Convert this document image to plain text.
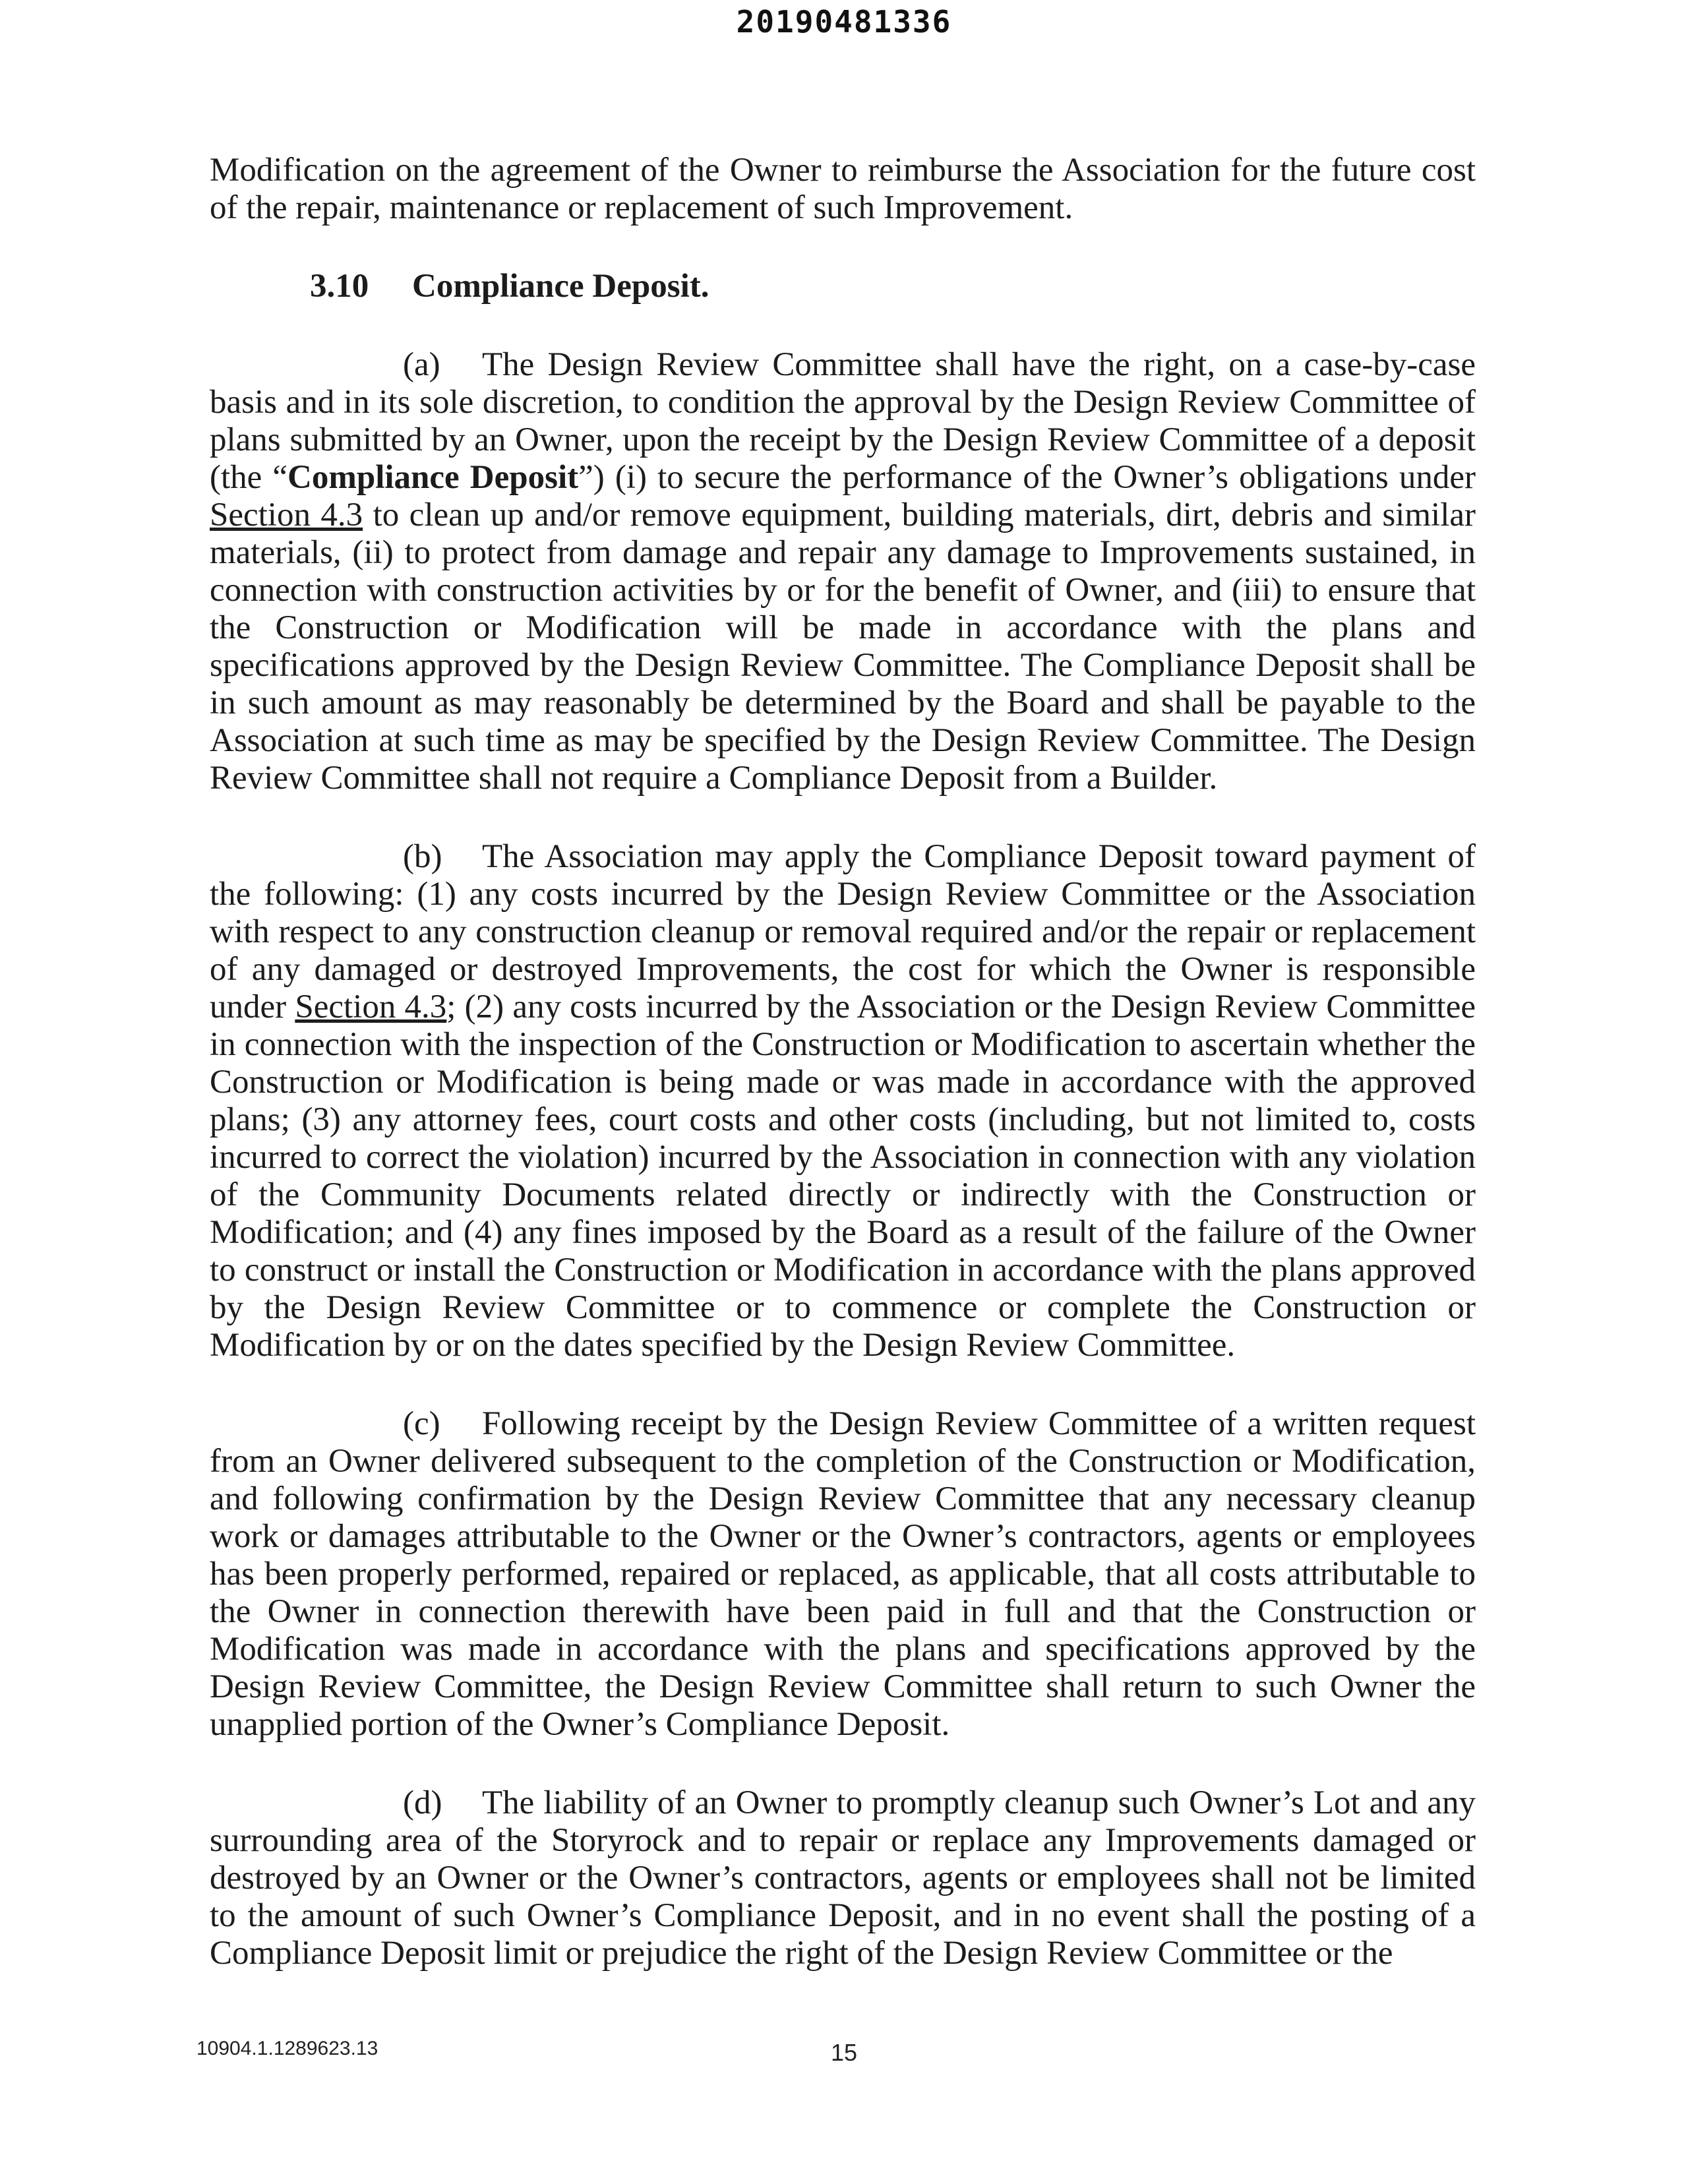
20190481336

Modification on the agreement of the Owner to reimburse the Association for the future cost of the repair, maintenance or replacement of such Improvement.

3.10 Compliance Deposit.

(a) The Design Review Committee shall have the right, on a case-by-case basis and in its sole discretion, to condition the approval by the Design Review Committee of plans submitted by an Owner, upon the receipt by the Design Review Committee of a deposit (the “Compliance Deposit”) (i) to secure the performance of the Owner’s obligations under Section 4.3 to clean up and/or remove equipment, building materials, dirt, debris and similar materials, (ii) to protect from damage and repair any damage to Improvements sustained, in connection with construction activities by or for the benefit of Owner, and (iii) to ensure that the Construction or Modification will be made in accordance with the plans and specifications approved by the Design Review Committee. The Compliance Deposit shall be in such amount as may reasonably be determined by the Board and shall be payable to the Association at such time as may be specified by the Design Review Committee. The Design Review Committee shall not require a Compliance Deposit from a Builder.

(b) The Association may apply the Compliance Deposit toward payment of the following: (1) any costs incurred by the Design Review Committee or the Association with respect to any construction cleanup or removal required and/or the repair or replacement of any damaged or destroyed Improvements, the cost for which the Owner is responsible under Section 4.3; (2) any costs incurred by the Association or the Design Review Committee in connection with the inspection of the Construction or Modification to ascertain whether the Construction or Modification is being made or was made in accordance with the approved plans; (3) any attorney fees, court costs and other costs (including, but not limited to, costs incurred to correct the violation) incurred by the Association in connection with any violation of the Community Documents related directly or indirectly with the Construction or Modification; and (4) any fines imposed by the Board as a result of the failure of the Owner to construct or install the Construction or Modification in accordance with the plans approved by the Design Review Committee or to commence or complete the Construction or Modification by or on the dates specified by the Design Review Committee.

(c) Following receipt by the Design Review Committee of a written request from an Owner delivered subsequent to the completion of the Construction or Modification, and following confirmation by the Design Review Committee that any necessary cleanup work or damages attributable to the Owner or the Owner’s contractors, agents or employees has been properly performed, repaired or replaced, as applicable, that all costs attributable to the Owner in connection therewith have been paid in full and that the Construction or Modification was made in accordance with the plans and specifications approved by the Design Review Committee, the Design Review Committee shall return to such Owner the unapplied portion of the Owner’s Compliance Deposit.

(d) The liability of an Owner to promptly cleanup such Owner’s Lot and any surrounding area of the Storyrock and to repair or replace any Improvements damaged or destroyed by an Owner or the Owner’s contractors, agents or employees shall not be limited to the amount of such Owner’s Compliance Deposit, and in no event shall the posting of a Compliance Deposit limit or prejudice the right of the Design Review Committee or the

10904.1.1289623.13	15
